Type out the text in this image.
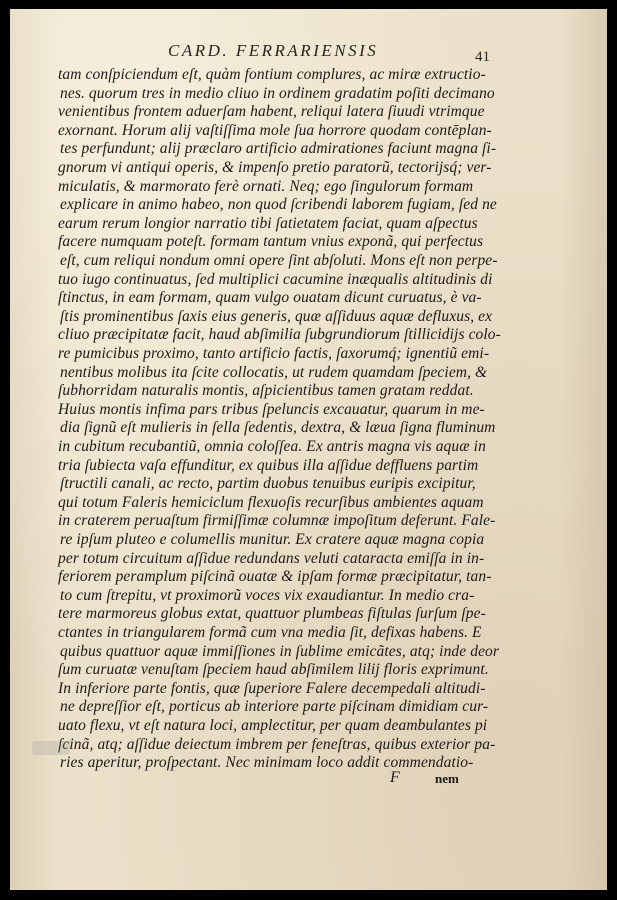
CARD. FERRARIENSIS	41
tam conſpiciendum eſt, quàm fontium complures, ac miræ extructio-
nes. quorum tres in medio cliuo in ordinem gradatim poſiti decimano
venientibus frontem aduerſam habent, reliqui latera ſiuudi vtrimque
exornant. Horum alij vaſtiſſima mole ſua horrore quodam contēplan-
tes perfundunt; alij præclaro artificio admirationes faciunt magna ſi-
gnorum vi antiqui operis, & impenſo pretio paratorũ, tectorijsq́; ver-
miculatis, & marmorato ferè ornati. Neq; ego ſingulorum formam
explicare in animo habeo, non quod ſcribendi laborem fugiam, ſed ne
earum rerum longior narratio tibi ſatietatem faciat, quam aſpectus
facere numquam poteſt. formam tantum vnius exponã, qui perfectus
eſt, cum reliqui nondum omni opere ſint abſoluti. Mons eſt non perpe-
tuo iugo continuatus, ſed multiplici cacumine inæqualis altitudinis di
ſtinctus, in eam formam, quam vulgo ouatam dicunt curuatus, è va-
ſtis prominentibus ſaxis eius generis, quæ aſſiduus aquæ defluxus, ex
cliuo præcipitatæ facit, haud abſimilia ſubgrundiorum ſtillicidijs colo-
re pumicibus proximo, tanto artificio factis, ſaxorumq́; ignentiũ emi-
nentibus molibus ita ſcite collocatis, ut rudem quamdam ſpeciem, &
ſubhorridam naturalis montis, aſpicientibus tamen gratam reddat.
Huius montis infima pars tribus ſpeluncis excauatur, quarum in me-
dia ſignũ eſt mulieris in ſella ſedentis, dextra, & læua ſigna fluminum
in cubitum recubantiũ, omnia coloſſea. Ex antris magna vis aquæ in
tria ſubiecta vaſa effunditur, ex quibus illa aſſidue deffluens partim
ſtructili canali, ac recto, partim duobus tenuibus euripis excipitur,
qui totum Faleris hemiciclum flexuoſis recurſibus ambientes aquam
in craterem peruaſtum firmiſſimæ columnæ impoſitum deferunt. Fale-
re ipſum pluteo e columellis munitur. Ex cratere aquæ magna copia
per totum circuitum aſſidue redundans veluti cataracta emiſſa in in-
feriorem peramplum piſcinã ouatæ & ipſam formæ præcipitatur, tan-
to cum ſtrepitu, vt proximorũ voces vix exaudiantur. In medio cra-
tere marmoreus globus extat, quattuor plumbeas fiſtulas ſurſum ſpe-
ctantes in triangularem formã cum vna media ſit, defixas habens. E
quibus quattuor aquæ immiſſiones in ſublime emicãtes, atq; inde deor
ſum curuatæ venuſtam ſpeciem haud abſimilem lilij floris exprimunt.
In inferiore parte fontis, quæ ſuperiore Falere decempedali altitudi-
ne depreſſior eſt, porticus ab interiore parte piſcinam dimidiam cur-
uato flexu, vt eſt natura loci, amplectitur, per quam deambulantes pi
ſcinã, atq; aſſidue deiectum imbrem per feneſtras, quibus exterior pa-
ries aperitur, proſpectant. Nec minimam loco addit commendatio-
F	nem
